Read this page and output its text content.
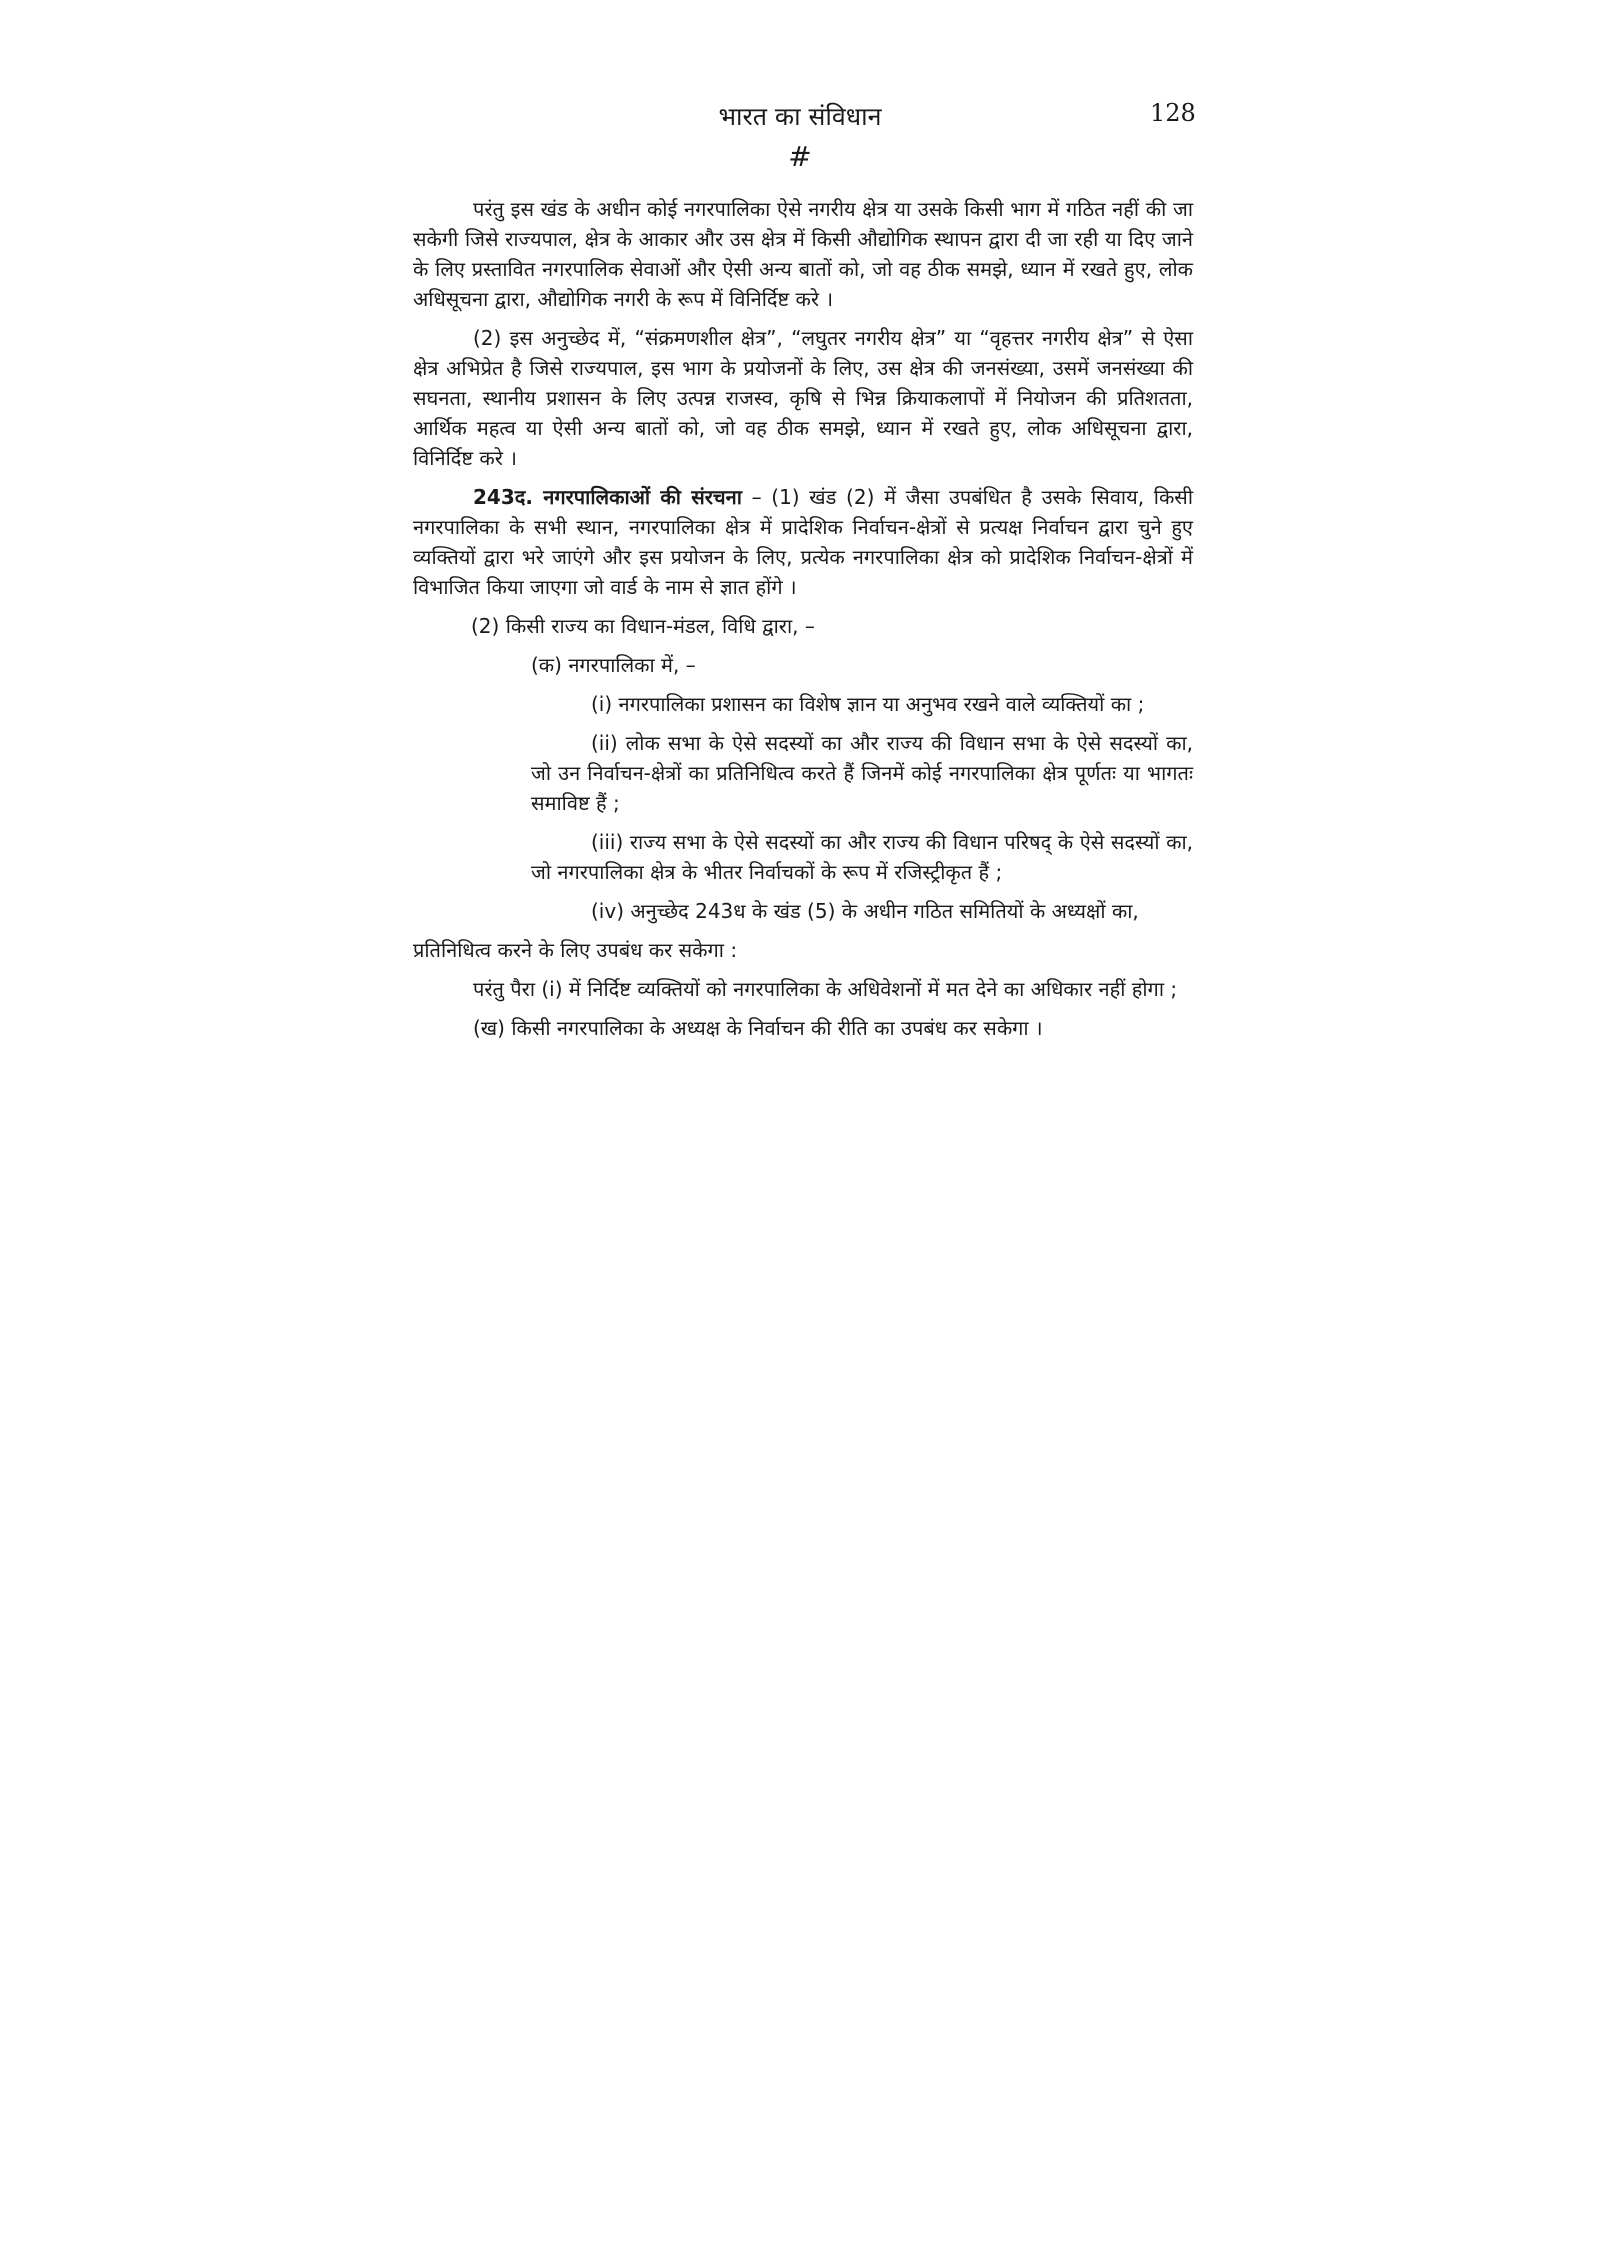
भारत का संविधान	128
#

परंतु इस खंड के अधीन कोई नगरपालिका ऐसे नगरीय क्षेत्र या उसके किसी भाग में गठित नहीं की जा सकेगी जिसे राज्यपाल, क्षेत्र के आकार और उस क्षेत्र में किसी औद्योगिक स्थापन द्वारा दी जा रही या दिए जाने के लिए प्रस्तावित नगरपालिक सेवाओं और ऐसी अन्य बातों को, जो वह ठीक समझे, ध्यान में रखते हुए, लोक अधिसूचना द्वारा, औद्योगिक नगरी के रूप में विनिर्दिष्ट करे ।

(2) इस अनुच्छेद में, “संक्रमणशील क्षेत्र”, “लघुतर नगरीय क्षेत्र” या “वृहत्तर नगरीय क्षेत्र” से ऐसा क्षेत्र अभिप्रेत है जिसे राज्यपाल, इस भाग के प्रयोजनों के लिए, उस क्षेत्र की जनसंख्या, उसमें जनसंख्या की सघनता, स्थानीय प्रशासन के लिए उत्पन्न राजस्व, कृषि से भिन्न क्रियाकलापों में नियोजन की प्रतिशतता, आर्थिक महत्व या ऐसी अन्य बातों को, जो वह ठीक समझे, ध्यान में रखते हुए, लोक अधिसूचना द्वारा, विनिर्दिष्ट करे ।

243द. नगरपालिकाओं की संरचना – (1) खंड (2) में जैसा उपबंधित है उसके सिवाय, किसी नगरपालिका के सभी स्थान, नगरपालिका क्षेत्र में प्रादेशिक निर्वाचन-क्षेत्रों से प्रत्यक्ष निर्वाचन द्वारा चुने हुए व्यक्तियों द्वारा भरे जाएंगे और इस प्रयोजन के लिए, प्रत्येक नगरपालिका क्षेत्र को प्रादेशिक निर्वाचन-क्षेत्रों में विभाजित किया जाएगा जो वार्ड के नाम से ज्ञात होंगे ।

(2) किसी राज्य का विधान-मंडल, विधि द्वारा, –

(क) नगरपालिका में, –

(i) नगरपालिका प्रशासन का विशेष ज्ञान या अनुभव रखने वाले व्यक्तियों का ;

(ii) लोक सभा के ऐसे सदस्यों का और राज्य की विधान सभा के ऐसे सदस्यों का, जो उन निर्वाचन-क्षेत्रों का प्रतिनिधित्व करते हैं जिनमें कोई नगरपालिका क्षेत्र पूर्णतः या भागतः समाविष्ट हैं ;

(iii) राज्य सभा के ऐसे सदस्यों का और राज्य की विधान परिषद् के ऐसे सदस्यों का, जो नगरपालिका क्षेत्र के भीतर निर्वाचकों के रूप में रजिस्ट्रीकृत हैं ;

(iv) अनुच्छेद 243ध के खंड (5) के अधीन गठित समितियों के अध्यक्षों का,

प्रतिनिधित्व करने के लिए उपबंध कर सकेगा :

परंतु पैरा (i) में निर्दिष्ट व्यक्तियों को नगरपालिका के अधिवेशनों में मत देने का अधिकार नहीं होगा ;

(ख) किसी नगरपालिका के अध्यक्ष के निर्वाचन की रीति का उपबंध कर सकेगा ।
